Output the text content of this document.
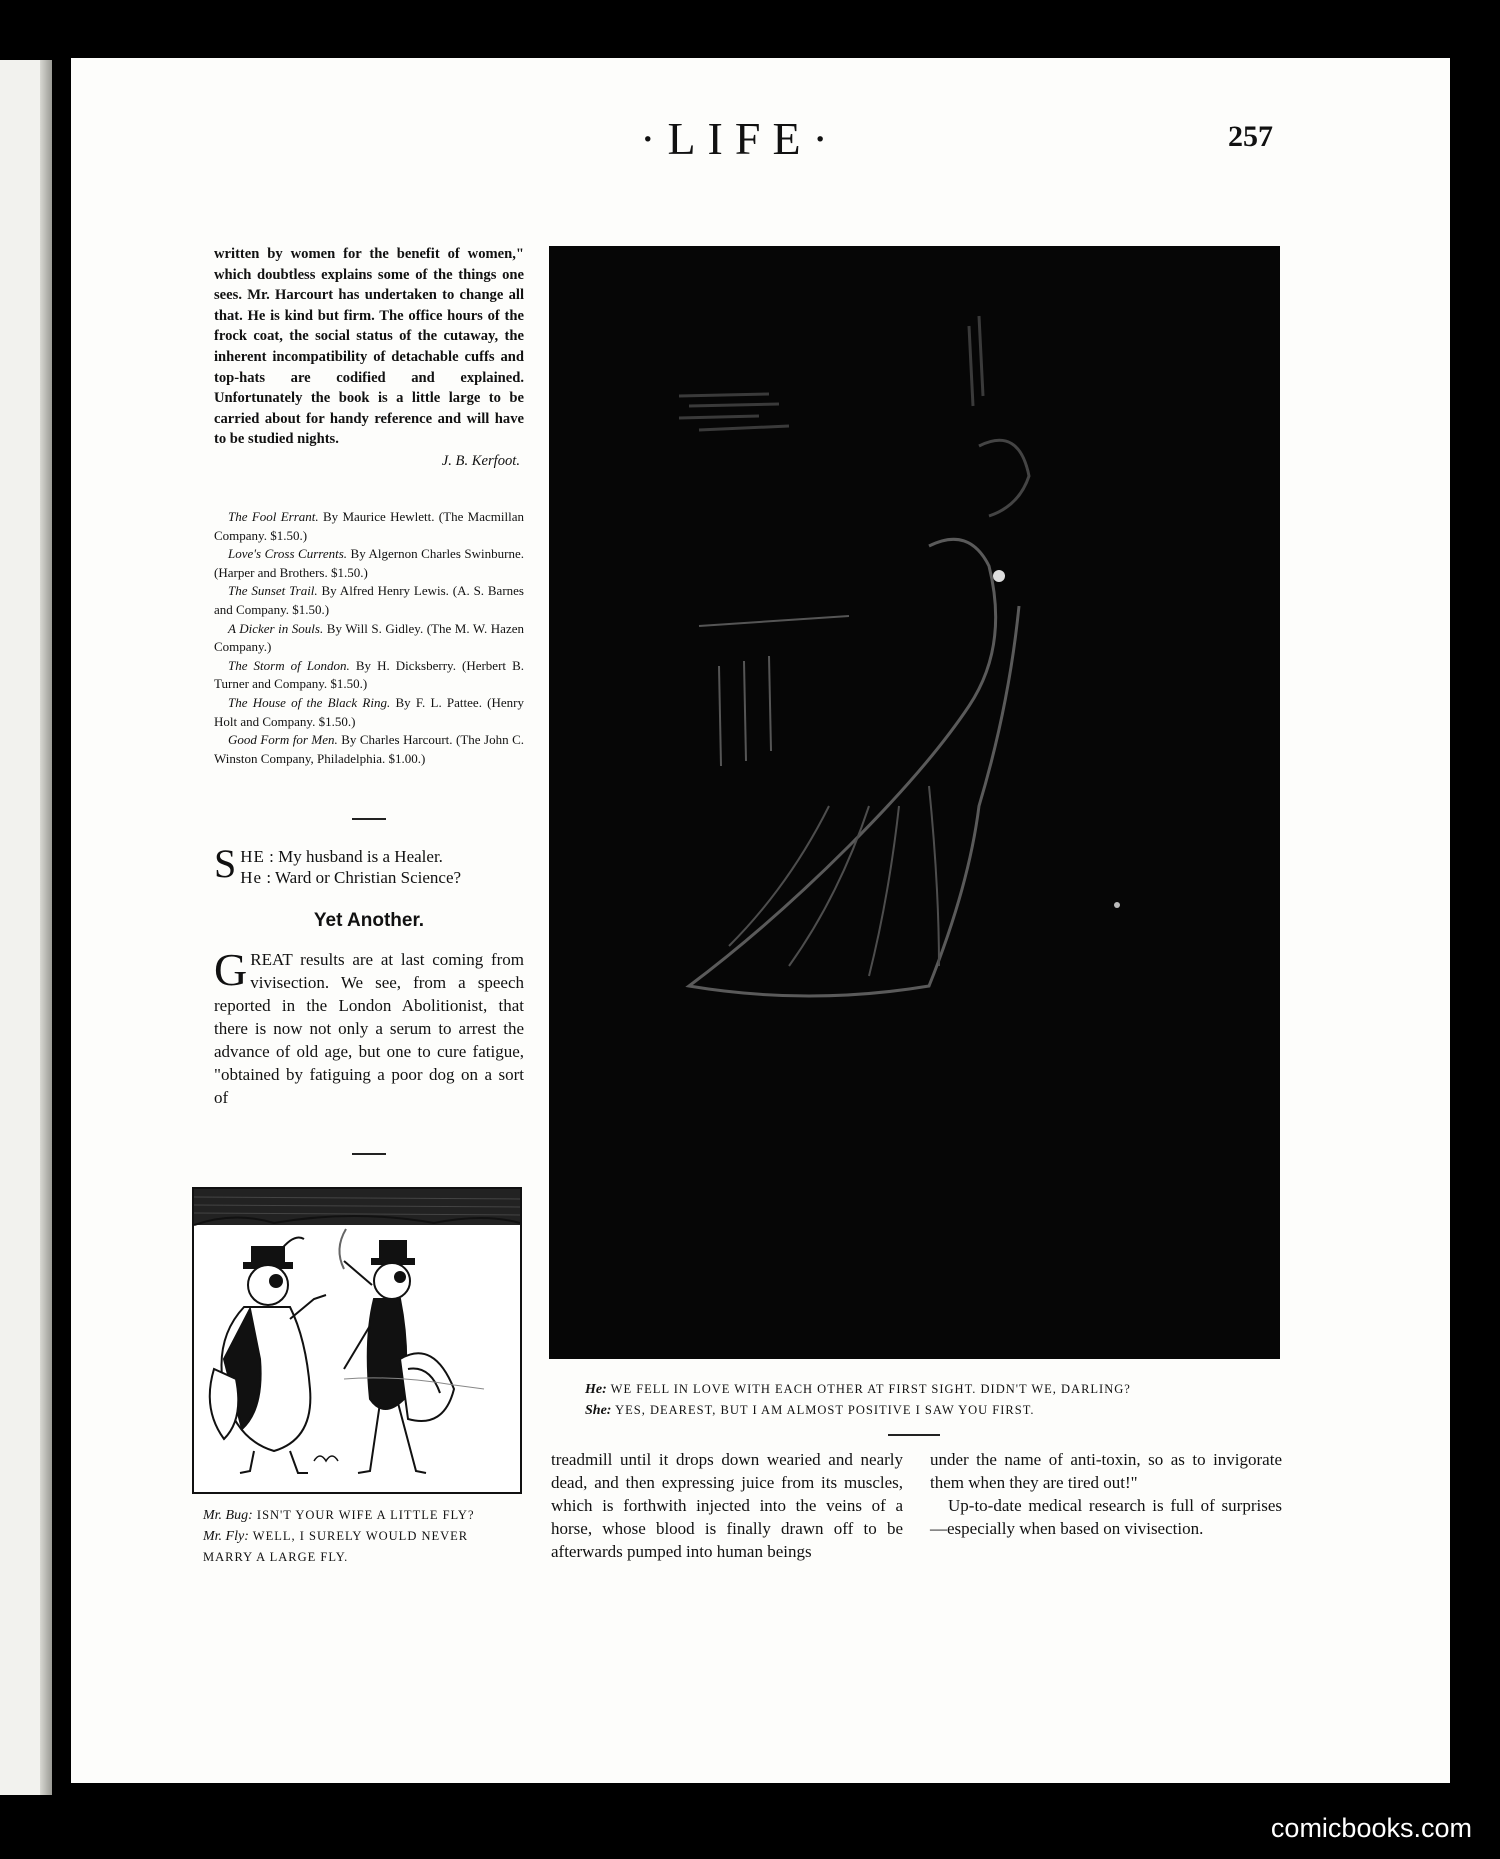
·LIFE·	257
written by women for the benefit of women," which doubtless explains some of the things one sees. Mr. Harcourt has undertaken to change all that. He is kind but firm. The office hours of the frock coat, the social status of the cutaway, the inherent incompatibility of detachable cuffs and top-hats are codified and explained. Unfortunately the book is a little large to be carried about for handy reference and will have to be studied nights.
J. B. Kerfoot.
The Fool Errant. By Maurice Hewlett. (The Macmillan Company. $1.50.)
Love's Cross Currents. By Algernon Charles Swinburne. (Harper and Brothers. $1.50.)
The Sunset Trail. By Alfred Henry Lewis. (A. S. Barnes and Company. $1.50.)
A Dicker in Souls. By Will S. Gidley. (The M. W. Hazen Company.)
The Storm of London. By H. Dicksberry. (Herbert B. Turner and Company. $1.50.)
The House of the Black Ring. By F. L. Pattee. (Henry Holt and Company. $1.50.)
Good Form for Men. By Charles Harcourt. (The John C. Winston Company, Philadelphia. $1.00.)
S HE : My husband is a Healer.
He : Ward or Christian Science?
Yet Another.
GREAT results are at last coming from vivisection. We see, from a speech reported in the London Abolitionist, that there is now not only a serum to arrest the advance of old age, but one to cure fatigue, "obtained by fatiguing a poor dog on a sort of
Mr. Bug: ISN'T YOUR WIFE A LITTLE FLY?
Mr. Fly: WELL, I SURELY WOULD NEVER MARRY A LARGE FLY.
He: WE FELL IN LOVE WITH EACH OTHER AT FIRST SIGHT. DIDN'T WE, DARLING?
She: YES, DEAREST, BUT I AM ALMOST POSITIVE I SAW YOU FIRST.
treadmill until it drops down wearied and nearly dead, and then expressing juice from its muscles, which is forthwith injected into the veins of a horse, whose blood is finally drawn off to be afterwards pumped into human beings
under the name of anti-toxin, so as to invigorate them when they are tired out!"
Up-to-date medical research is full of surprises—especially when based on vivisection.
comicbooks.com
